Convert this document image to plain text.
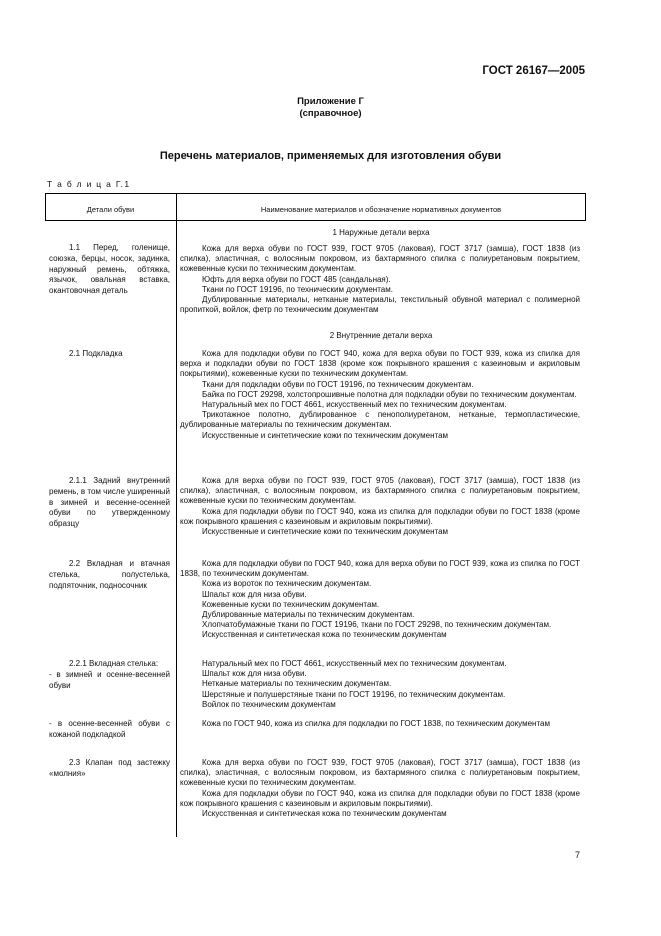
ГОСТ 26167—2005
Приложение Г
(справочное)
Перечень материалов, применяемых для изготовления обуви
Т а б л и ц а Г.1
Детали обуви	Наименование материалов и обозначение нормативных документов
1 Наружные детали верха
1.1 Перед, голенище, союзка, берцы, носок, задинка, наружный ремень, обтяжка, язычок, овальная вставка, окантовочная деталь

Кожа для верха обуви по ГОСТ 939, ГОСТ 9705 (лаковая), ГОСТ 3717 (замша), ГОСТ 1838 (из спилка), эластичная, с волосяным покровом, из бахтармяного спилка с полиуретановым покрытием, кожевенные куски по техническим документам.

Юфть для верха обуви по ГОСТ 485 (сандальная).

Ткани по ГОСТ 19196, по техническим документам.

Дублированные материалы, нетканые материалы, текстильный обувной материал с полимерной пропиткой, войлок, фетр по техническим документам

2 Внутренние детали верха
2.1 Подкладка	Кожа для подкладки обуви по ГОСТ 940, кожа для верха обуви по ГОСТ 939, кожа из спилка для верха и подкладки обуви по ГОСТ 1838 (кроме кож покрывного крашения с казеиновым и акриловым покрытиями), кожевенные куски по техническим документам.

Ткани для подкладки обуви по ГОСТ 19196, по техническим документам.

Байка по ГОСТ 29298, холстопрошивные полотна для подкладки обуви по техническим документам.

Натуральный мех по ГОСТ 4661, искусственный мех по техническим документам.

Трикотажное полотно, дублированное с пенополиуретаном, нетканые, термопластические, дублированные материалы по техническим документам.

Искусственные и синтетические кожи по техническим документам

2.1.1 Задний внутренний ремень, в том числе уширенный в зимней и весенне-осенней обуви по утвержденному образцу

Кожа для верха обуви по ГОСТ 939, ГОСТ 9705 (лаковая), ГОСТ 3717 (замша), ГОСТ 1838 (из спилка), эластичная, с волосяным покровом, из бахтармяного спилка с полиуретановым покрытием, кожевенные куски по техническим документам.

Кожа для подкладки обуви по ГОСТ 940, кожа из спилка для подкладки обуви по ГОСТ 1838 (кроме кож покрывного крашения с казеиновым и акриловым покрытиями).

Искусственные и синтетические кожи по техническим документам

2.2 Вкладная и втачная стелька, полустелька, подпяточник, подносочник

Кожа для подкладки обуви по ГОСТ 940, кожа для верха обуви по ГОСТ 939, кожа из спилка по ГОСТ 1838, по техническим документам.

Кожа из вороток по техническим документам.

Шпальт кож для низа обуви.

Кожевенные куски по техническим документам.

Дублированные материалы по техническим документам.

Хлопчатобумажные ткани по ГОСТ 19196, ткани по ГОСТ 29298, по техническим документам.

Искусственная и синтетическая кожа по техническим документам

2.2.1 Вкладная стелька:
- в зимней и осенне-весенней обуви

Натуральный мех по ГОСТ 4661, искусственный мех по техническим документам.

Шпальт кож для низа обуви.

Нетканые материалы по техническим документам.

Шерстяные и полушерстяные ткани по ГОСТ 19196, по техническим документам.

Войлок по техническим документам

- в осенне-весенней обуви с кожаной подкладкой

Кожа по ГОСТ 940, кожа из спилка для подкладки по ГОСТ 1838, по техническим документам

2.3 Клапан под застежку «молния»

Кожа для верха обуви по ГОСТ 939, ГОСТ 9705 (лаковая), ГОСТ 3717 (замша), ГОСТ 1838 (из спилка), эластичная, с волосяным покровом, из бахтармяного спилка с полиуретановым покрытием, кожевенные куски по техническим документам.

Кожа для подкладки обуви по ГОСТ 940, кожа из спилка для подкладки обуви по ГОСТ 1838 (кроме кож покрывного крашения с казеиновым и акриловым покрытиями).

Искусственная и синтетическая кожа по техническим документам

7
